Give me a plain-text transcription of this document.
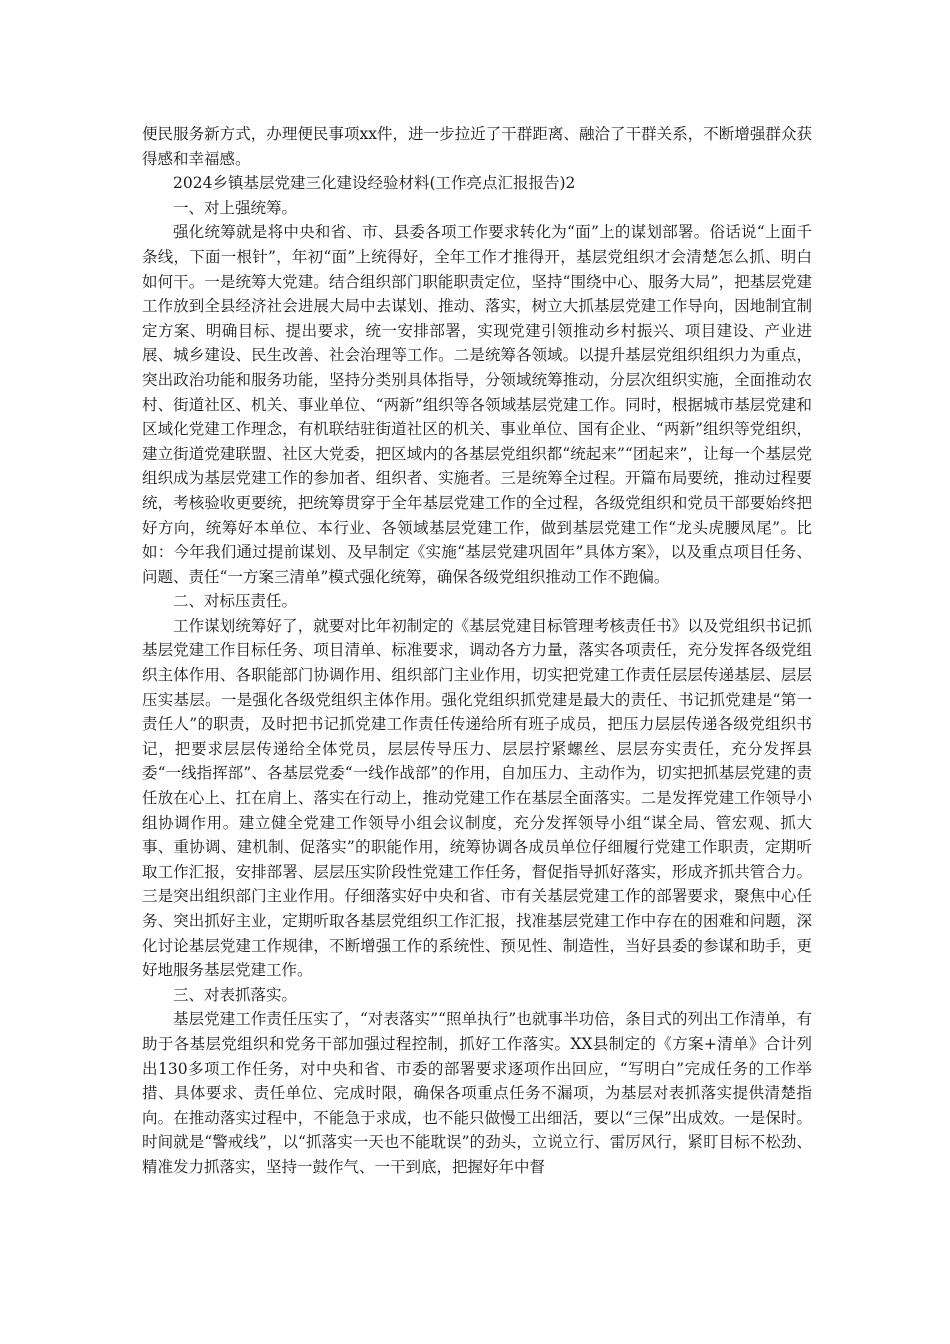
便民服务新方式，办理便民事项xx件，进一步拉近了干群距离、融洽了干群关系，不断增强群众获得感和幸福感。

2024乡镇基层党建三化建设经验材料(工作亮点汇报报告)2

一、对上强统筹。

强化统筹就是将中央和省、市、县委各项工作要求转化为“面”上的谋划部署。俗话说“上面千条线，下面一根针”，年初“面”上统得好，全年工作才推得开，基层党组织才会清楚怎么抓、明白如何干。一是统筹大党建。结合组织部门职能职责定位，坚持“围绕中心、服务大局”，把基层党建工作放到全县经济社会进展大局中去谋划、推动、落实，树立大抓基层党建工作导向，因地制宜制定方案、明确目标、提出要求，统一安排部署，实现党建引领推动乡村振兴、项目建设、产业进展、城乡建设、民生改善、社会治理等工作。二是统筹各领域。以提升基层党组织组织力为重点，突出政治功能和服务功能，坚持分类别具体指导，分领域统筹推动，分层次组织实施，全面推动农村、街道社区、机关、事业单位、“两新”组织等各领域基层党建工作。同时，根据城市基层党建和区域化党建工作理念，有机联结驻街道社区的机关、事业单位、国有企业、“两新”组织等党组织，建立街道党建联盟、社区大党委，把区域内的各基层党组织都“统起来”“团起来”，让每一个基层党组织成为基层党建工作的参加者、组织者、实施者。三是统筹全过程。开篇布局要统，推动过程要统，考核验收更要统，把统筹贯穿于全年基层党建工作的全过程，各级党组织和党员干部要始终把好方向，统筹好本单位、本行业、各领域基层党建工作，做到基层党建工作“龙头虎腰凤尾”。比如：今年我们通过提前谋划、及早制定《实施“基层党建巩固年”具体方案》，以及重点项目任务、问题、责任“一方案三清单”模式强化统筹，确保各级党组织推动工作不跑偏。

二、对标压责任。

工作谋划统筹好了，就要对比年初制定的《基层党建目标管理考核责任书》以及党组织书记抓基层党建工作目标任务、项目清单、标准要求，调动各方力量，落实各项责任，充分发挥各级党组织主体作用、各职能部门协调作用、组织部门主业作用，切实把党建工作责任层层传递基层、层层压实基层。一是强化各级党组织主体作用。强化党组织抓党建是最大的责任、书记抓党建是“第一责任人”的职责，及时把书记抓党建工作责任传递给所有班子成员，把压力层层传递各级党组织书记，把要求层层传递给全体党员，层层传导压力、层层拧紧螺丝、层层夯实责任，充分发挥县委“一线指挥部”、各基层党委“一线作战部”的作用，自加压力、主动作为，切实把抓基层党建的责任放在心上、扛在肩上、落实在行动上，推动党建工作在基层全面落实。二是发挥党建工作领导小组协调作用。建立健全党建工作领导小组会议制度，充分发挥领导小组“谋全局、管宏观、抓大事、重协调、建机制、促落实”的职能作用，统筹协调各成员单位仔细履行党建工作职责，定期听取工作汇报，安排部署、层层压实阶段性党建工作任务，督促指导抓好落实，形成齐抓共管合力。三是突出组织部门主业作用。仔细落实好中央和省、市有关基层党建工作的部署要求，聚焦中心任务、突出抓好主业，定期听取各基层党组织工作汇报，找准基层党建工作中存在的困难和问题，深化讨论基层党建工作规律，不断增强工作的系统性、预见性、制造性，当好县委的参谋和助手，更好地服务基层党建工作。

三、对表抓落实。

基层党建工作责任压实了，“对表落实”“照单执行”也就事半功倍，条目式的列出工作清单，有助于各基层党组织和党务干部加强过程控制，抓好工作落实。XX县制定的《方案+清单》合计列出130多项工作任务，对中央和省、市委的部署要求逐项作出回应，“写明白”完成任务的工作举措、具体要求、责任单位、完成时限，确保各项重点任务不漏项，为基层对表抓落实提供清楚指向。在推动落实过程中，不能急于求成，也不能只做慢工出细活，要以“三保”出成效。一是保时。时间就是“警戒线”，以“抓落实一天也不能耽误”的劲头，立说立行、雷厉风行，紧盯目标不松劲、精准发力抓落实，坚持一鼓作气、一干到底，把握好年中督
